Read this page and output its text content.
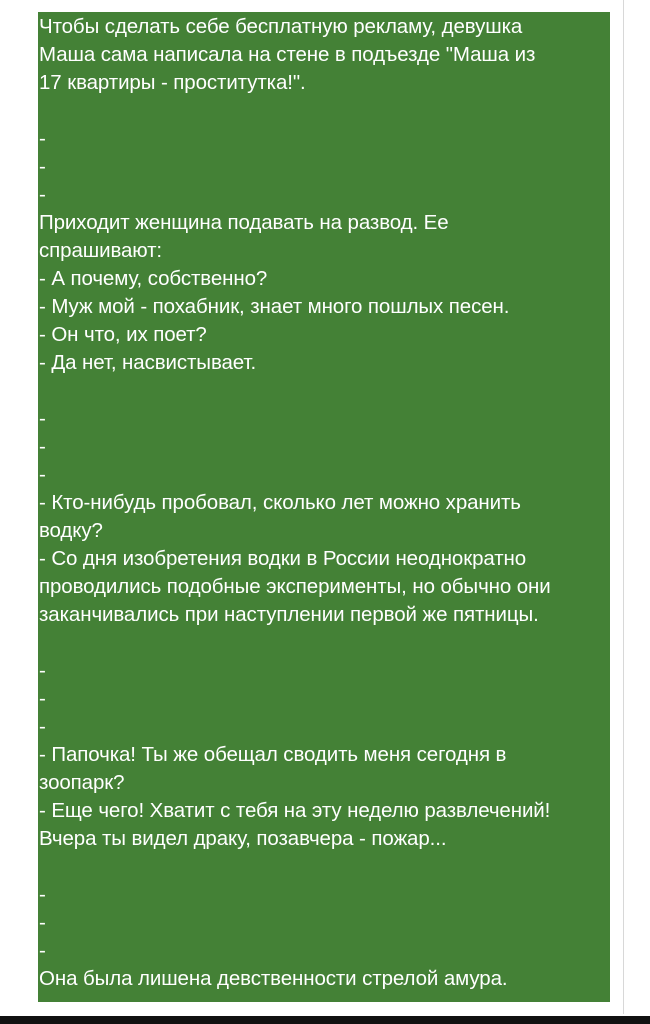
Чтобы сделать себе бесплатную рекламу, девушка
Маша сама написала на стене в подъезде "Маша из
17 квартиры - проститутка!".
-
-
-
Приходит женщина подавать на развод. Ее
спрашивают:
- А почему, собственно?
- Муж мой - похабник, знает много пошлых песен.
- Он что, их поет?
- Да нет, насвистывает.
-
-
-
- Кто-нибудь пробовал, сколько лет можно хранить
водку?
- Со дня изобретения водки в России неоднократно
проводились подобные эксперименты, но обычно они
заканчивались при наступлении первой же пятницы.
-
-
-
- Папочка! Ты же обещал сводить меня сегодня в
зоопарк?
- Еще чего! Хватит с тебя на эту неделю развлечений!
Вчера ты видел драку, позавчера - пожар...
-
-
-
Она была лишена девственности стрелой амура.
